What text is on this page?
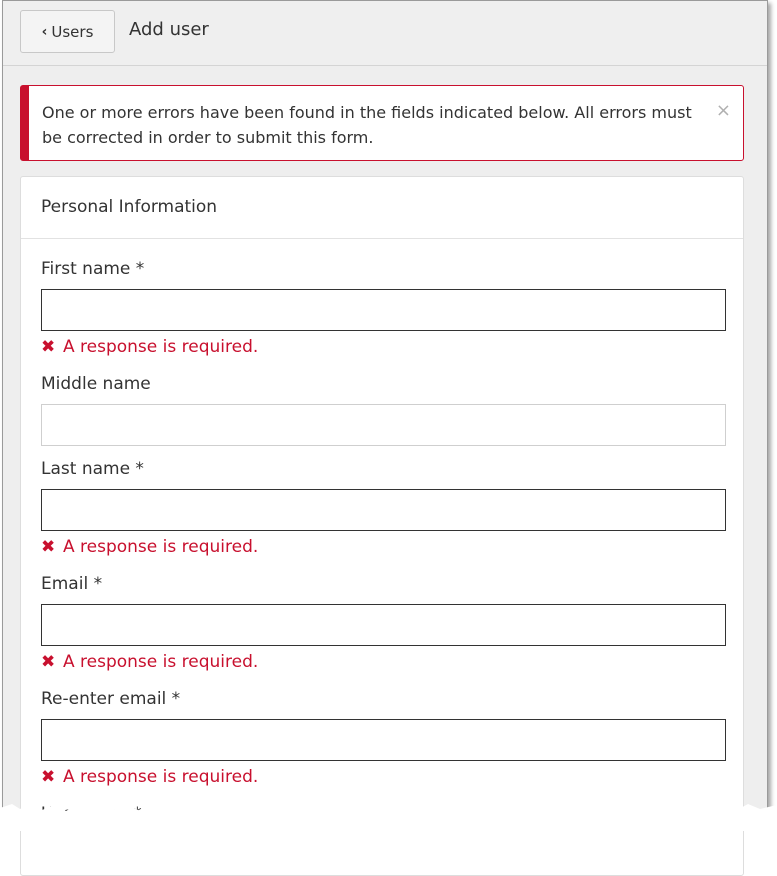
‹ Users Add user
One or more errors have been found in the fields indicated below. All errors must be corrected in order to submit this form.
×
Personal Information
First name *
✖ A response is required.
Middle name
Last name *
✖ A response is required.
Email *
✖ A response is required.
Re-enter email *
✖ A response is required.
